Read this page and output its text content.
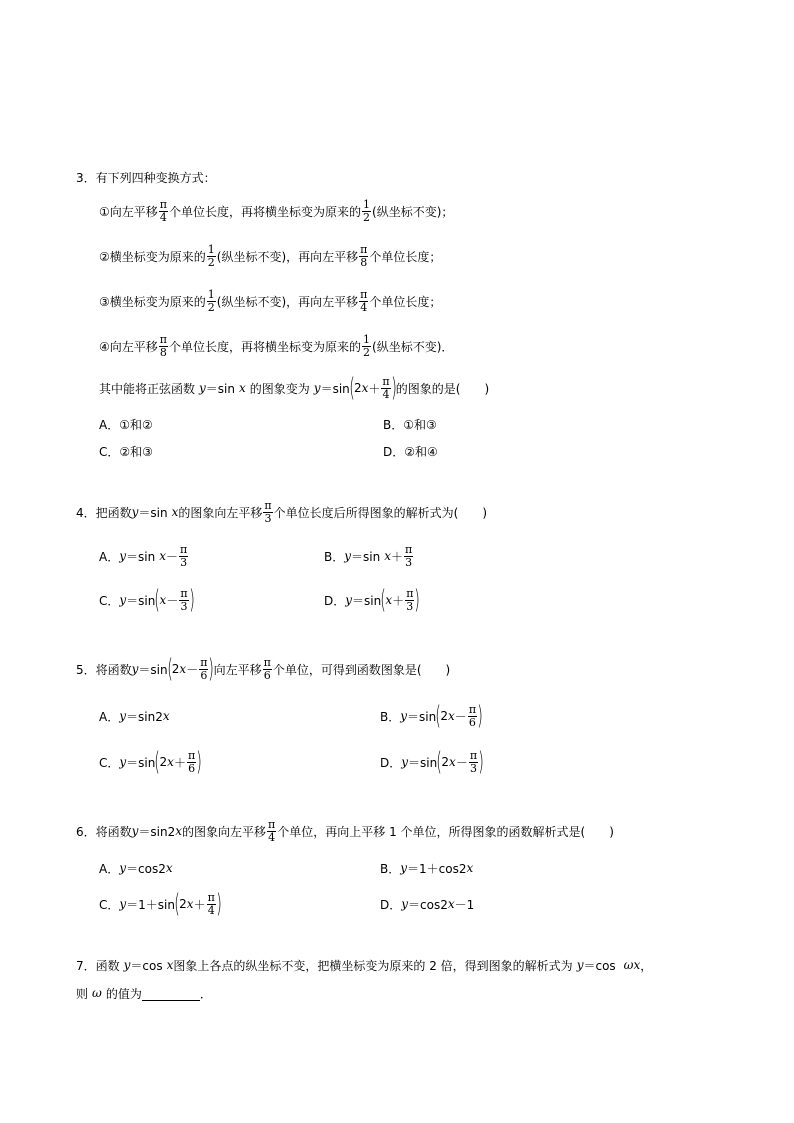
3．有下列四种变换方式：
①向左平移 $\frac{\pi}{4}$ 个单位长度，再将横坐标变为原来的 $\frac{1}{2}$ (纵坐标不变)；
②横坐标变为原来的 $\frac{1}{2}$ (纵坐标不变)，再向左平移 $\frac{\pi}{8}$ 个单位长度；
③横坐标变为原来的 $\frac{1}{2}$ (纵坐标不变)，再向左平移 $\frac{\pi}{4}$ 个单位长度；
④向左平移 $\frac{\pi}{8}$ 个单位长度，再将横坐标变为原来的 $\frac{1}{2}$ (纵坐标不变)．
其中能将正弦函数 y ＝sin x 的图象变为 y ＝sin ( 2 $x + \frac{\pi}{4}$ ) 的图象的是(　　)
A． ①和②	B． ①和③
C． ②和③	D． ②和④
4．把函数 y ＝sin x 的图象向左平移 $\frac{\pi}{3}$ 个单位长度后所得图象的解析式为(　　)
A． y ＝sin $x - \frac{\pi}{3}$	B． y ＝sin $x + \frac{\pi}{3}$
C． y ＝sin ( $x - \frac{\pi}{3}$ )	D． y ＝sin ( $x + \frac{\pi}{3}$ )
5．将函数 y ＝sin ( 2 $x - \frac{\pi}{6}$ ) 向左平移 $\frac{\pi}{6}$ 个单位，可得到函数图象是(　　)
A． y ＝sin2 x	B． y ＝sin ( 2 $x - \frac{\pi}{6}$ )
C． y ＝sin ( 2 $x + \frac{\pi}{6}$ )	D． y ＝sin ( 2 $x - \frac{\pi}{3}$ )
6．将函数 y ＝sin2 x 的图象向左平移 $\frac{\pi}{4}$ 个单位，再向上平移 1 个单位，所得图象的函数解析式是(　　)
A． y ＝cos2 x	B． y ＝1＋cos2 x
C． y ＝1＋sin ( 2 $x + \frac{\pi}{4}$ )	D． y ＝cos2 x －1
7．函数 y ＝cos x 图象上各点的纵坐标不变，把横坐标变为原来的 2 倍，得到图象的解析式为 y ＝cos ωx ，
则 ω 的值为	．
